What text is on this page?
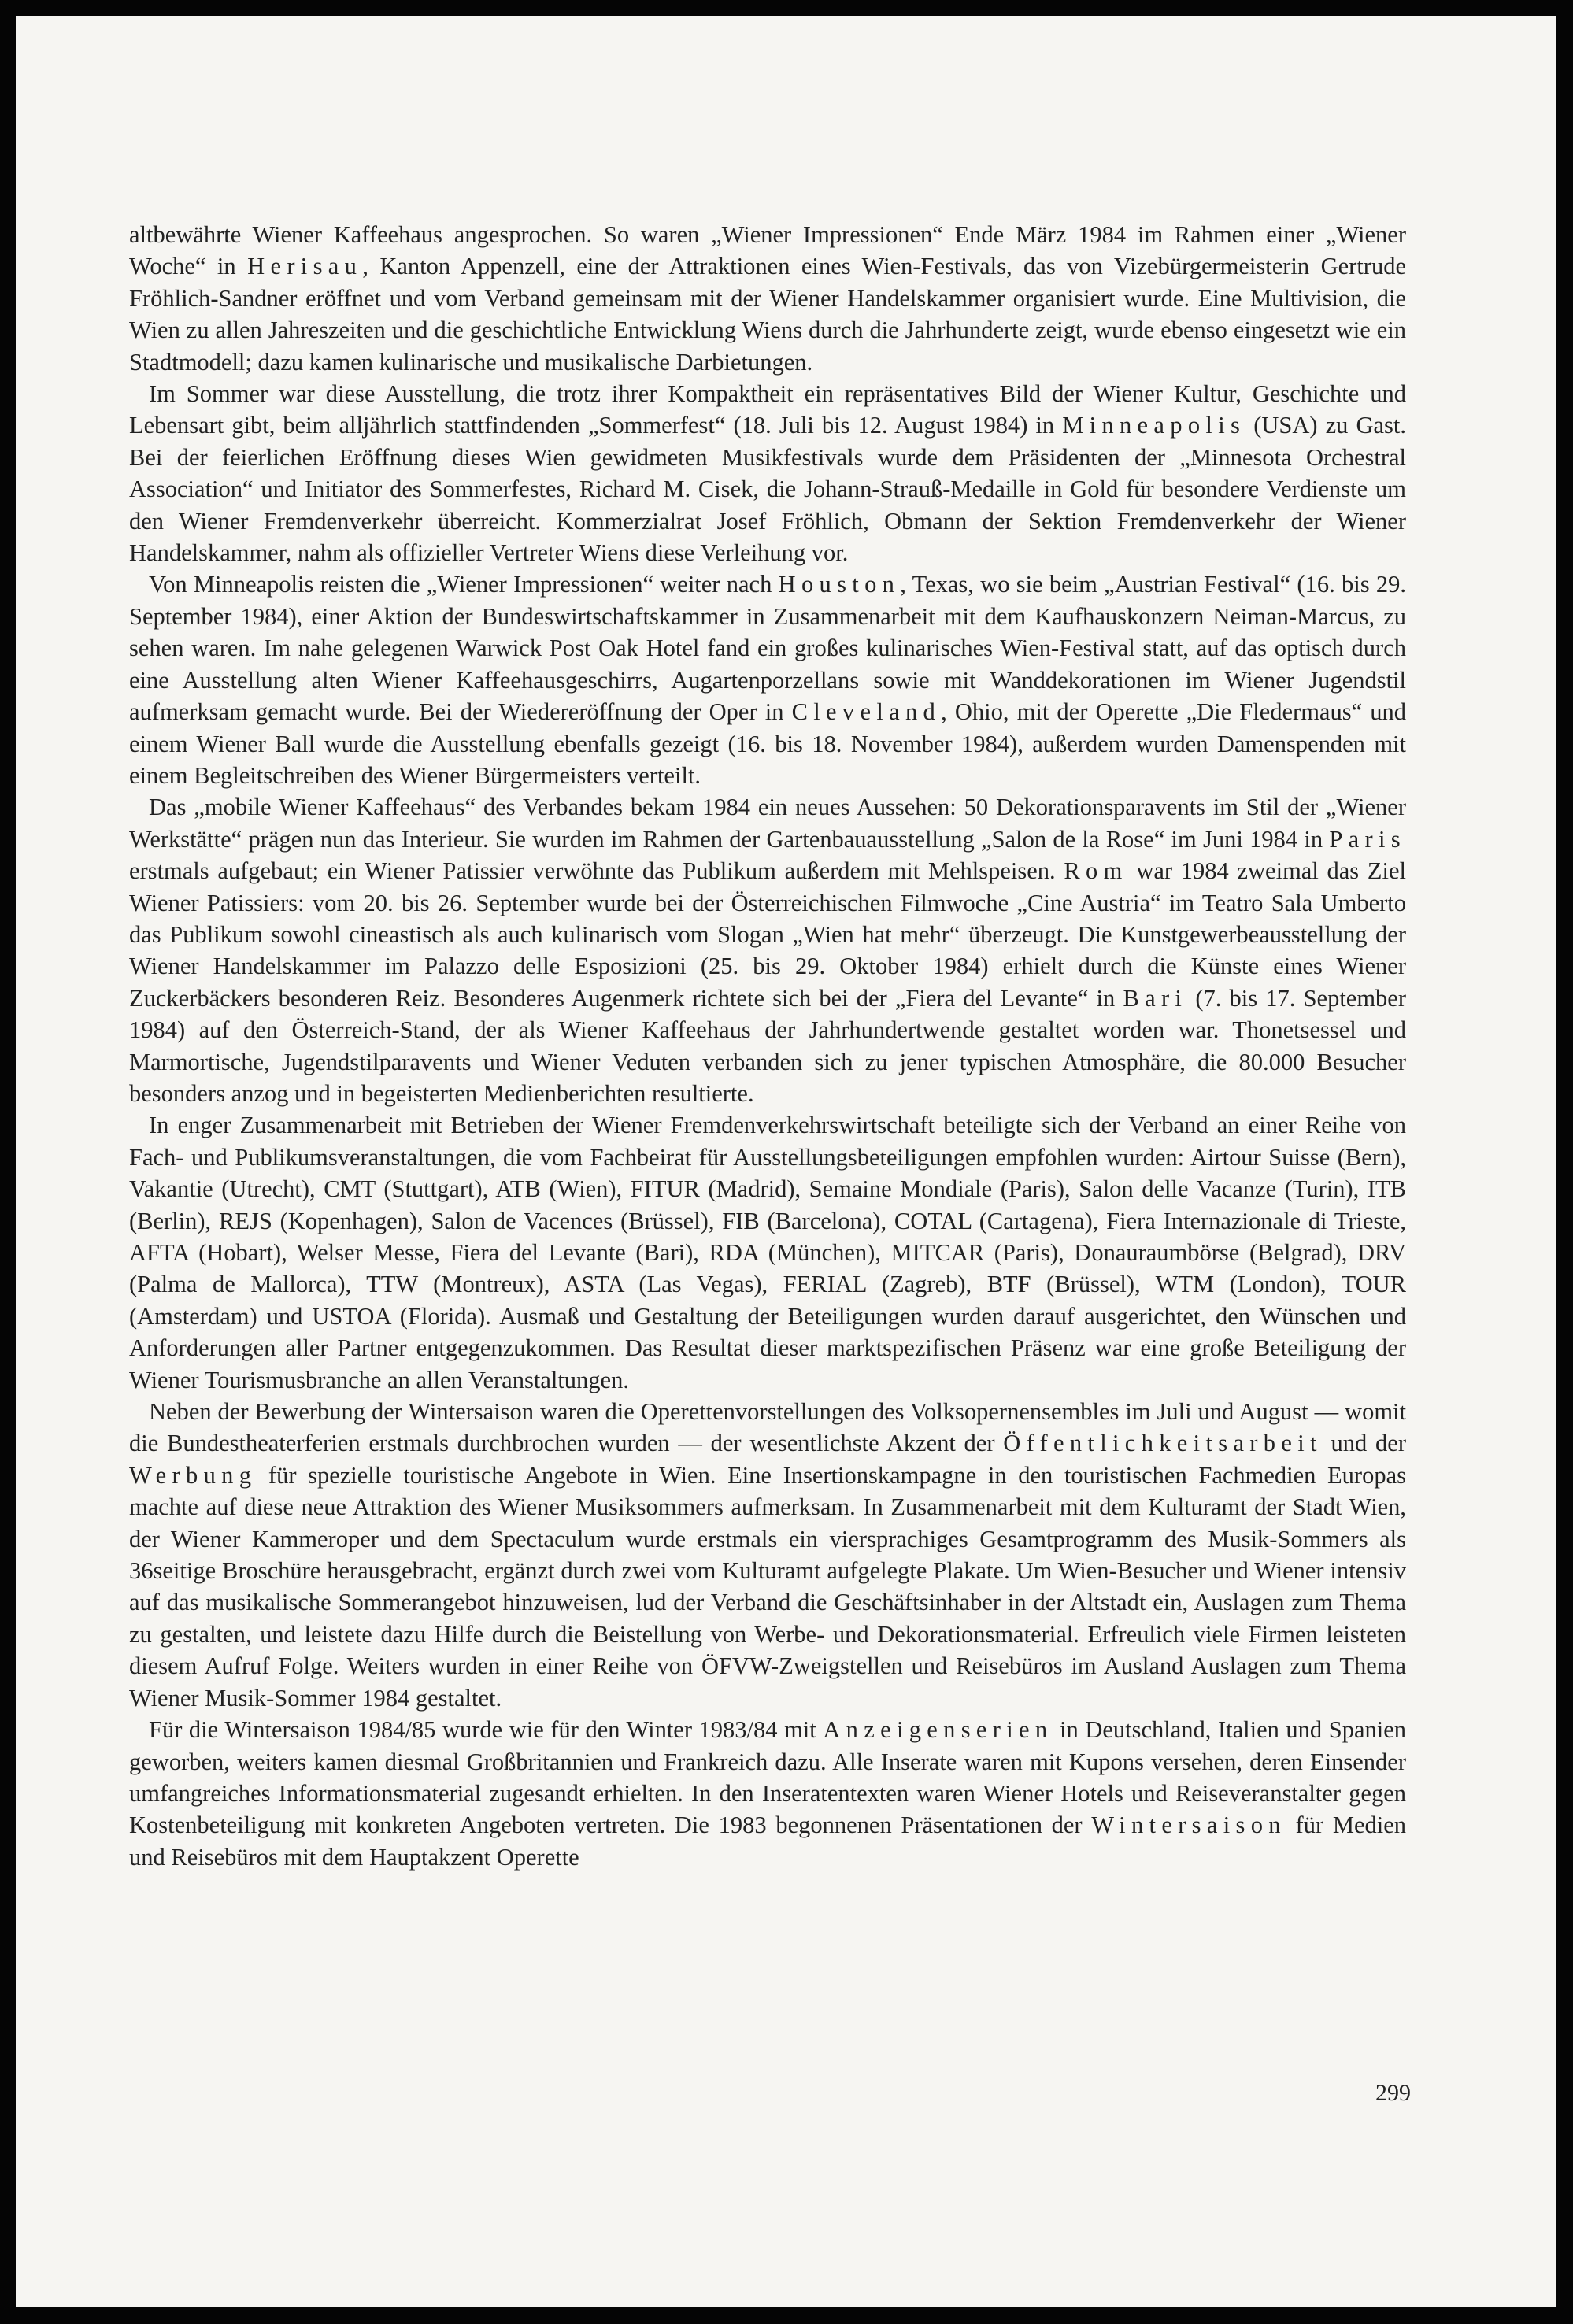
altbewährte Wiener Kaffeehaus angesprochen. So waren „Wiener Impressionen“ Ende März 1984 im Rahmen einer „Wiener Woche“ in Herisau, Kanton Appenzell, eine der Attraktionen eines Wien-Festivals, das von Vizebürgermeisterin Gertrude Fröhlich-Sandner eröffnet und vom Verband gemeinsam mit der Wiener Handelskammer organisiert wurde. Eine Multivision, die Wien zu allen Jahreszeiten und die geschichtliche Entwicklung Wiens durch die Jahrhunderte zeigt, wurde ebenso eingesetzt wie ein Stadtmodell; dazu kamen kulinarische und musikalische Darbietungen.

Im Sommer war diese Ausstellung, die trotz ihrer Kompaktheit ein repräsentatives Bild der Wiener Kultur, Geschichte und Lebensart gibt, beim alljährlich stattfindenden „Sommerfest“ (18. Juli bis 12. August 1984) in Minneapolis (USA) zu Gast. Bei der feierlichen Eröffnung dieses Wien gewidmeten Musikfestivals wurde dem Präsidenten der „Minnesota Orchestral Association“ und Initiator des Sommerfestes, Richard M. Cisek, die Johann-Strauß-Medaille in Gold für besondere Verdienste um den Wiener Fremdenverkehr überreicht. Kommerzialrat Josef Fröhlich, Obmann der Sektion Fremdenverkehr der Wiener Handelskammer, nahm als offizieller Vertreter Wiens diese Verleihung vor.

Von Minneapolis reisten die „Wiener Impressionen“ weiter nach Houston, Texas, wo sie beim „Austrian Festival“ (16. bis 29. September 1984), einer Aktion der Bundeswirtschaftskammer in Zusammenarbeit mit dem Kaufhauskonzern Neiman-Marcus, zu sehen waren. Im nahe gelegenen Warwick Post Oak Hotel fand ein großes kulinarisches Wien-Festival statt, auf das optisch durch eine Ausstellung alten Wiener Kaffeehausgeschirrs, Augartenporzellans sowie mit Wanddekorationen im Wiener Jugendstil aufmerksam gemacht wurde. Bei der Wiedereröffnung der Oper in Cleveland, Ohio, mit der Operette „Die Fledermaus“ und einem Wiener Ball wurde die Ausstellung ebenfalls gezeigt (16. bis 18. November 1984), außerdem wurden Damenspenden mit einem Begleitschreiben des Wiener Bürgermeisters verteilt.

Das „mobile Wiener Kaffeehaus“ des Verbandes bekam 1984 ein neues Aussehen: 50 Dekorationsparavents im Stil der „Wiener Werkstätte“ prägen nun das Interieur. Sie wurden im Rahmen der Gartenbauausstellung „Salon de la Rose“ im Juni 1984 in Paris erstmals aufgebaut; ein Wiener Patissier verwöhnte das Publikum außerdem mit Mehlspeisen. Rom war 1984 zweimal das Ziel Wiener Patissiers: vom 20. bis 26. September wurde bei der Österreichischen Filmwoche „Cine Austria“ im Teatro Sala Umberto das Publikum sowohl cineastisch als auch kulinarisch vom Slogan „Wien hat mehr“ überzeugt. Die Kunstgewerbeausstellung der Wiener Handelskammer im Palazzo delle Esposizioni (25. bis 29. Oktober 1984) erhielt durch die Künste eines Wiener Zuckerbäckers besonderen Reiz. Besonderes Augenmerk richtete sich bei der „Fiera del Levante“ in Bari (7. bis 17. September 1984) auf den Österreich-Stand, der als Wiener Kaffeehaus der Jahrhundertwende gestaltet worden war. Thonetsessel und Marmortische, Jugendstilparavents und Wiener Veduten verbanden sich zu jener typischen Atmosphäre, die 80.000 Besucher besonders anzog und in begeisterten Medienberichten resultierte.

In enger Zusammenarbeit mit Betrieben der Wiener Fremdenverkehrswirtschaft beteiligte sich der Verband an einer Reihe von Fach- und Publikumsveranstaltungen, die vom Fachbeirat für Ausstellungsbeteiligungen empfohlen wurden: Airtour Suisse (Bern), Vakantie (Utrecht), CMT (Stuttgart), ATB (Wien), FITUR (Madrid), Semaine Mondiale (Paris), Salon delle Vacanze (Turin), ITB (Berlin), REJS (Kopenhagen), Salon de Vacences (Brüssel), FIB (Barcelona), COTAL (Cartagena), Fiera Internazionale di Trieste, AFTA (Hobart), Welser Messe, Fiera del Levante (Bari), RDA (München), MITCAR (Paris), Donauraumbörse (Belgrad), DRV (Palma de Mallorca), TTW (Montreux), ASTA (Las Vegas), FERIAL (Zagreb), BTF (Brüssel), WTM (London), TOUR (Amsterdam) und USTOA (Florida). Ausmaß und Gestaltung der Beteiligungen wurden darauf ausgerichtet, den Wünschen und Anforderungen aller Partner entgegenzukommen. Das Resultat dieser marktspezifischen Präsenz war eine große Beteiligung der Wiener Tourismusbranche an allen Veranstaltungen.

Neben der Bewerbung der Wintersaison waren die Operettenvorstellungen des Volksopernensembles im Juli und August — womit die Bundestheaterferien erstmals durchbrochen wurden — der wesentlichste Akzent der Öffentlichkeitsarbeit und der Werbung für spezielle touristische Angebote in Wien. Eine Insertionskampagne in den touristischen Fachmedien Europas machte auf diese neue Attraktion des Wiener Musiksommers aufmerksam. In Zusammenarbeit mit dem Kulturamt der Stadt Wien, der Wiener Kammeroper und dem Spectaculum wurde erstmals ein viersprachiges Gesamtprogramm des Musik-Sommers als 36seitige Broschüre herausgebracht, ergänzt durch zwei vom Kulturamt aufgelegte Plakate. Um Wien-Besucher und Wiener intensiv auf das musikalische Sommerangebot hinzuweisen, lud der Verband die Geschäftsinhaber in der Altstadt ein, Auslagen zum Thema zu gestalten, und leistete dazu Hilfe durch die Beistellung von Werbe- und Dekorationsmaterial. Erfreulich viele Firmen leisteten diesem Aufruf Folge. Weiters wurden in einer Reihe von ÖFVW-Zweigstellen und Reisebüros im Ausland Auslagen zum Thema Wiener Musik-Sommer 1984 gestaltet.

Für die Wintersaison 1984/85 wurde wie für den Winter 1983/84 mit Anzeigenserien in Deutschland, Italien und Spanien geworben, weiters kamen diesmal Großbritannien und Frankreich dazu. Alle Inserate waren mit Kupons versehen, deren Einsender umfangreiches Informationsmaterial zugesandt erhielten. In den Inseratentexten waren Wiener Hotels und Reiseveranstalter gegen Kostenbeteiligung mit konkreten Angeboten vertreten. Die 1983 begonnenen Präsentationen der Wintersaison für Medien und Reisebüros mit dem Hauptakzent Operette

299
